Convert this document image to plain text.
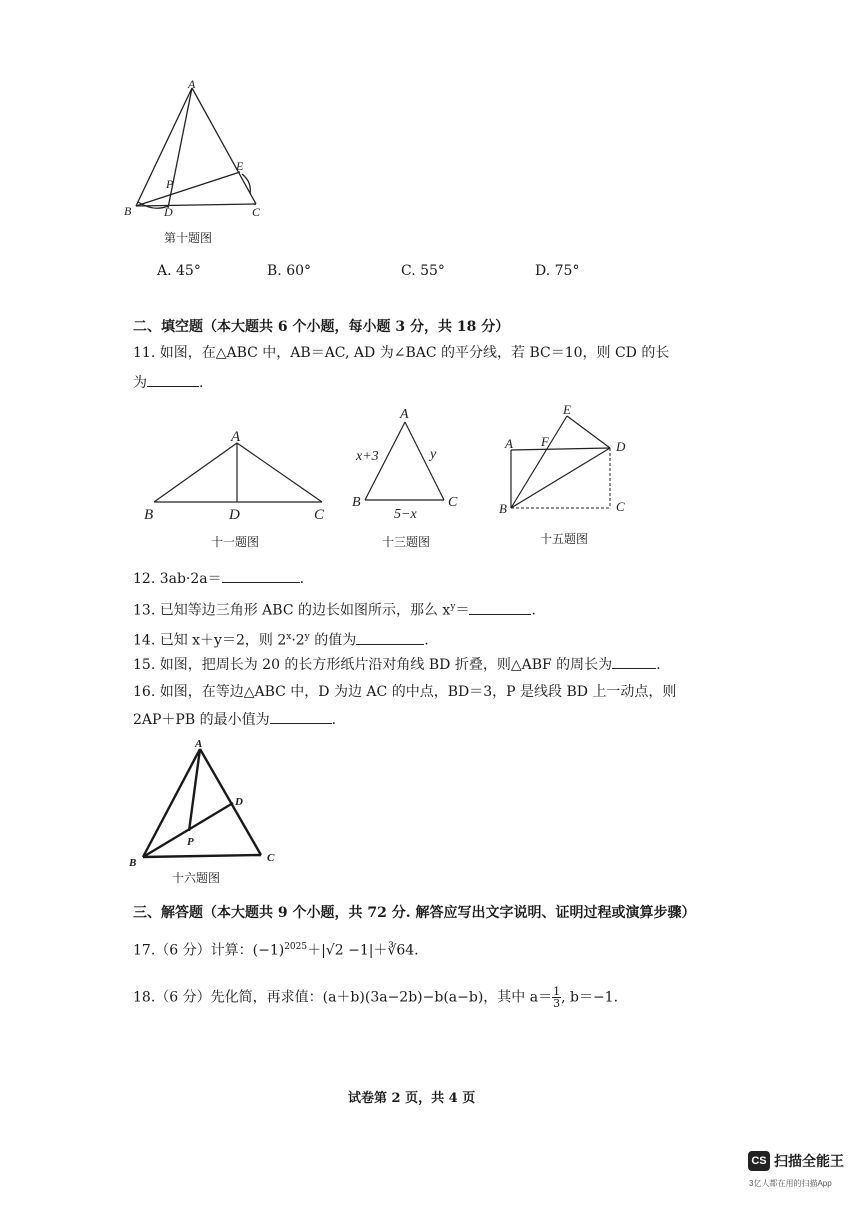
A
B	C
D
E
P
第十题图
A. 45°	B. 60°	C. 55°	D. 75°
二、填空题（本大题共 6 个小题，每小题 3 分，共 18 分）
11. 如图，在△ABC 中，AB＝AC, AD 为∠BAC 的平分线，若 BC＝10，则 CD 的长
为	.
A
B	C
D
十一题图
A
B	C
x+3	y
5−x
十三题图
A
B	C
D
E
F
十五题图
12. 3ab·2a＝	.
13. 已知等边三角形 ABC 的边长如图所示，那么 $x^y=$	.
14. 已知 x＋y＝2，则 $2^x\cdot 2^y$ 的值为	.
15. 如图，把周长为 20 的长方形纸片沿对角线 BD 折叠，则△ABF 的周长为	.
16. 如图，在等边△ABC 中，D 为边 AC 的中点，BD＝3，P 是线段 BD 上一动点，则
2AP＋PB 的最小值为	.
A
B	C
D
P
十六题图
三、解答题（本大题共 9 个小题，共 72 分. 解答应写出文字说明、证明过程或演算步骤）
17.（6 分）计算：$(-1)^{2025}+|√2$ −1|＋∛64.
18.（6 分）先化简，再求值：(a＋b)(3a−2b)−b(a−b)，其中 $a= \frac{1}{3}$ , b＝−1.
试卷第 2 页，共 4 页
CS 扫描全能王
3亿人都在用的扫描App
